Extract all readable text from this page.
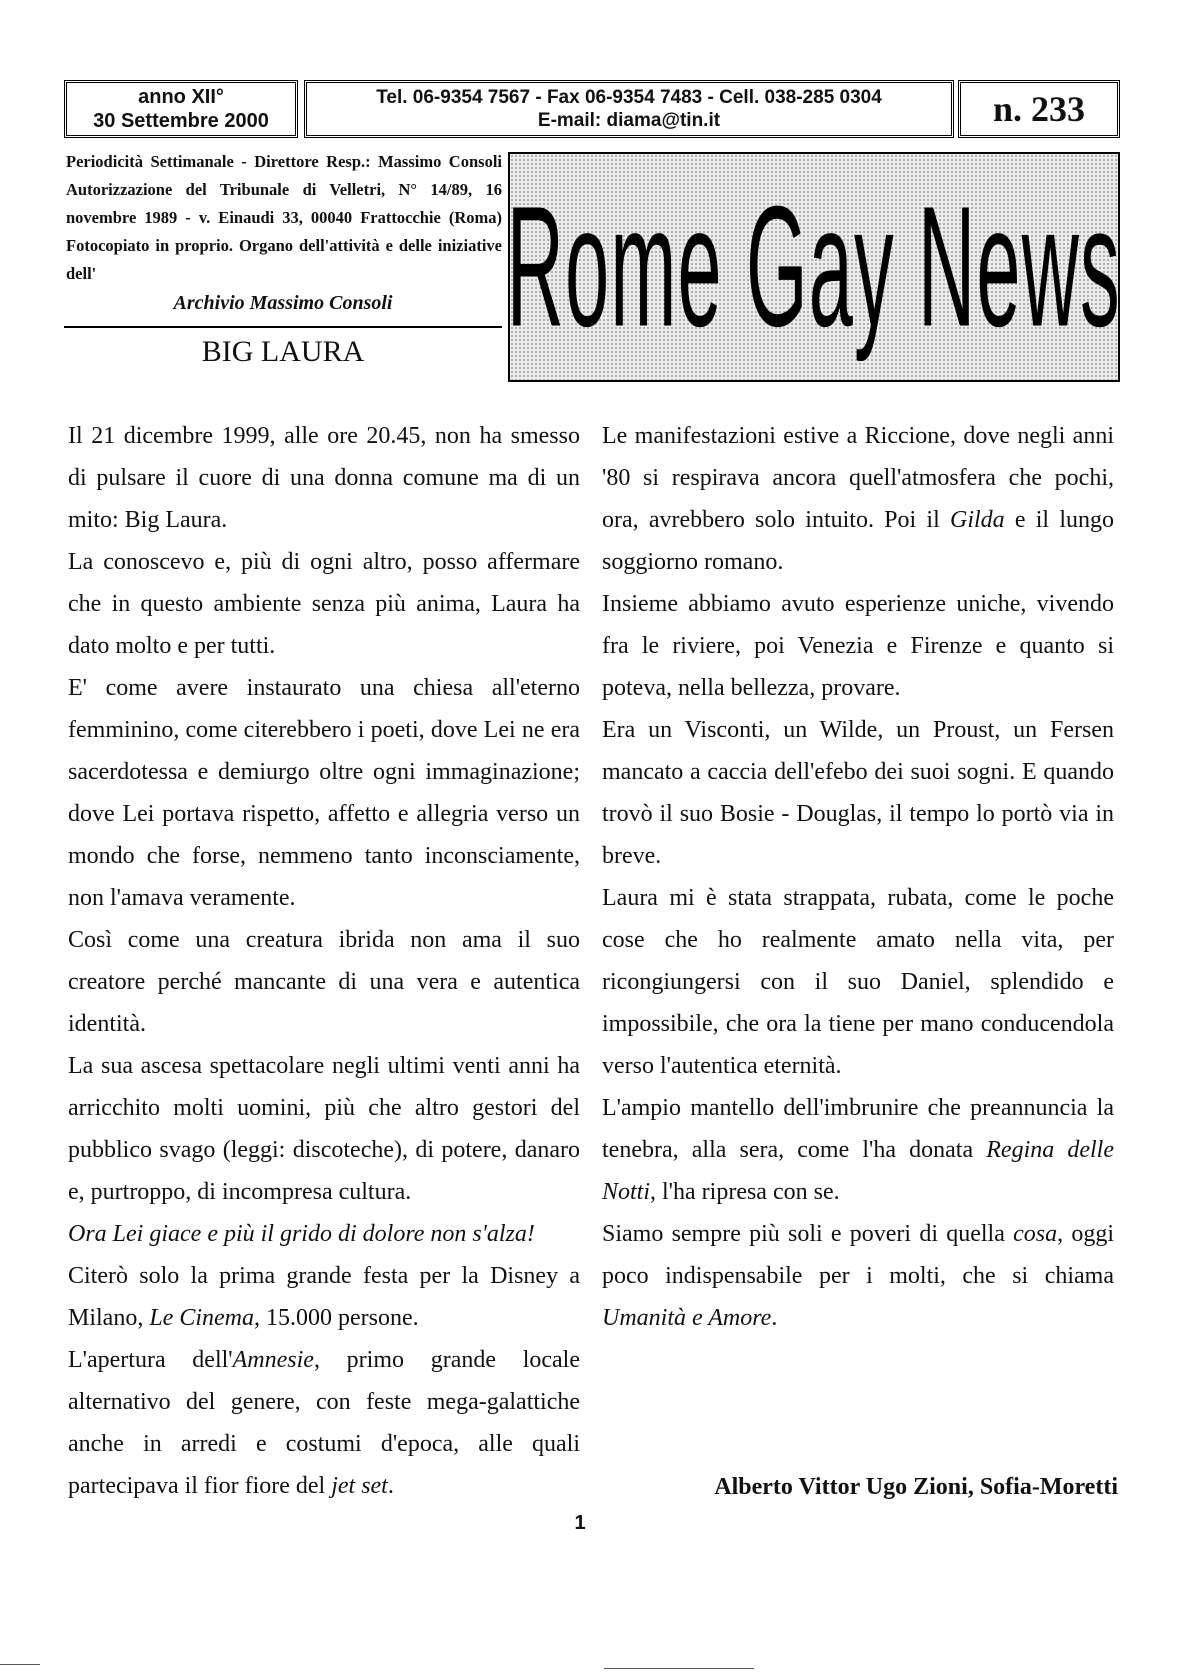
anno XII°
30 Settembre 2000
Tel. 06-9354 7567 - Fax 06-9354 7483 - Cell. 038-285 0304
E-mail: diama@tin.it	n. 233
Periodicità Settimanale - Direttore Resp.: Massimo Consoli Autorizzazione del Tribunale di Velletri, N° 14/89, 16 novembre 1989 - v. Einaudi 33, 00040 Frattocchie (Roma) Fotocopiato in proprio. Organo dell'attività e delle iniziative dell'
Archivio Massimo Consoli
BIG LAURA	Rome Gay News

Il 21 dicembre 1999, alle ore 20.45, non ha smesso di pulsare il cuore di una donna comune ma di un mito: Big Laura.

La conoscevo e, più di ogni altro, posso affermare che in questo ambiente senza più anima, Laura ha dato molto e per tutti.

E' come avere instaurato una chiesa all'eterno femminino, come citerebbero i poeti, dove Lei ne era sacerdotessa e demiurgo oltre ogni immaginazione; dove Lei portava rispetto, affetto e allegria verso un mondo che forse, nemmeno tanto inconsciamente, non l'amava veramente.

Così come una creatura ibrida non ama il suo creatore perché mancante di una vera e autentica identità.

La sua ascesa spettacolare negli ultimi venti anni ha arricchito molti uomini, più che altro gestori del pubblico svago (leggi: discoteche), di potere, danaro e, purtroppo, di incompresa cultura.

Ora Lei giace e più il grido di dolore non s'alza!

Citerò solo la prima grande festa per la Disney a Milano, Le Cinema, 15.000 persone.

L'apertura dell'Amnesie, primo grande locale alternativo del genere, con feste mega-galattiche anche in arredi e costumi d'epoca, alle quali partecipava il fior fiore del jet set.

Le manifestazioni estive a Riccione, dove negli anni '80 si respirava ancora quell'atmosfera che pochi, ora, avrebbero solo intuito. Poi il Gilda e il lungo soggiorno romano.

Insieme abbiamo avuto esperienze uniche, vivendo fra le riviere, poi Venezia e Firenze e quanto si poteva, nella bellezza, provare.

Era un Visconti, un Wilde, un Proust, un Fersen mancato a caccia dell'efebo dei suoi sogni. E quando trovò il suo Bosie - Douglas, il tempo lo portò via in breve.

Laura mi è stata strappata, rubata, come le poche cose che ho realmente amato nella vita, per ricongiungersi con il suo Daniel, splendido e impossibile, che ora la tiene per mano conducendola verso l'autentica eternità.

L'ampio mantello dell'imbrunire che preannuncia la tenebra, alla sera, come l'ha donata Regina delle Notti, l'ha ripresa con se.

Siamo sempre più soli e poveri di quella cosa, oggi poco indispensabile per i molti, che si chiama Umanità e Amore.

Alberto Vittor Ugo Zioni, Sofia-Moretti
1
